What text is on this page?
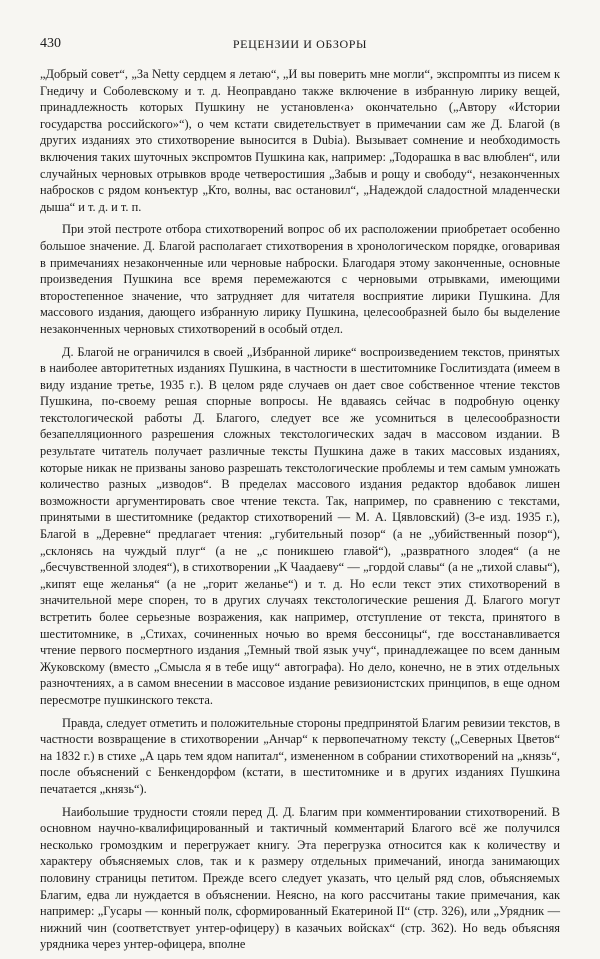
430	РЕЦЕНЗИИ И ОБЗОРЫ

„Добрый совет“, „За Netty сердцем я летаю“, „И вы поверить мне могли“, экспромпты из писем к Гнедичу и Соболевскому и т. д. Неоправдано также включение в избранную лирику вещей, принадлежность которых Пушкину не установлен‹а› окончательно („Автору «Истории государства российского»“), о чем кстати свидетельствует в примечании сам же Д. Благой (в других изданиях это стихотворение выносится в Dubia). Вызывает сомнение и необходимость включения таких шуточных экспромтов Пушкина как, например: „Тодорашка в вас влюблен“, или случайных черновых отрывков вроде четверостишия „Забыв и рощу и свободу“, незаконченных набросков с рядом конъектур „Кто, волны, вас остановил“, „Надеждой сладостной младенчески дыша“ и т. д. и т. п.

При этой пестроте отбора стихотворений вопрос об их расположении приобретает особенно большое значение. Д. Благой располагает стихотворения в хронологическом порядке, оговаривая в примечаниях незаконченные или черновые наброски. Благодаря этому законченные, основные произведения Пушкина все время перемежаются с черновыми отрывками, имеющими второстепенное значение, что затрудняет для читателя восприятие лирики Пушкина. Для массового издания, дающего избранную лирику Пушкина, целесообразней было бы выделение незаконченных черновых стихотворений в особый отдел.

Д. Благой не ограничился в своей „Избранной лирике“ воспроизведением текстов, принятых в наиболее авторитетных изданиях Пушкина, в частности в шеститомнике Гослитиздата (имеем в виду издание третье, 1935 г.). В целом ряде случаев он дает свое собственное чтение текстов Пушкина, по-своему решая спорные вопросы. Не вдаваясь сейчас в подробную оценку текстологической работы Д. Благого, следует все же усомниться в целесообразности безапелляционного разрешения сложных текстологических задач в массовом издании. В результате читатель получает различные тексты Пушкина даже в таких массовых изданиях, которые никак не призваны заново разрешать текстологические проблемы и тем самым умножать количество разных „изводов“. В пределах массового издания редактор вдобавок лишен возможности аргументировать свое чтение текста. Так, например, по сравнению с текстами, принятыми в шеститомнике (редактор стихотворений — М. А. Цявловский) (3-е изд. 1935 г.), Благой в „Деревне“ предлагает чтения: „губительный позор“ (а не „убийственный позор“), „склонясь на чуждый плуг“ (а не „с поникшею главой“), „развратного злодея“ (а не „бесчувственной злодея“), в стихотворении „К Чаадаеву“ — „гордой славы“ (а не „тихой славы“), „кипят еще желанья“ (а не „горит желанье“) и т. д. Но если текст этих стихотворений в значительной мере спорен, то в других случаях текстологические решения Д. Благого могут встретить более серьезные возражения, как например, отступление от текста, принятого в шеститомнике, в „Стихах, сочиненных ночью во время бессоницы“, где восстанавливается чтение первого посмертного издания „Темный твой язык учу“, принадлежащее по всем данным Жуковскому (вместо „Смысла я в тебе ищу“ автографа). Но дело, конечно, не в этих отдельных разночтениях, а в самом внесении в массовое издание ревизионистских принципов, в еще одном пересмотре пушкинского текста.

Правда, следует отметить и положительные стороны предпринятой Благим ревизии текстов, в частности возвращение в стихотворении „Анчар“ к первопечатному тексту („Северных Цветов“ на 1832 г.) в стихе „А царь тем ядом напитал“, измененном в собрании стихотворений на „князь“, после объяснений с Бенкендорфом (кстати, в шеститомнике и в других изданиях Пушкина печатается „князь“).

Наибольшие трудности стояли перед Д. Д. Благим при комментировании стихотворений. В основном научно-квалифицированный и тактичный комментарий Благого всё же получился несколько громоздким и перегружает книгу. Эта перегрузка относится как к количеству и характеру объясняемых слов, так и к размеру отдельных примечаний, иногда занимающих половину страницы петитом. Прежде всего следует указать, что целый ряд слов, объясняемых Благим, едва ли нуждается в объяснении. Неясно, на кого рассчитаны такие примечания, как например: „Гусары — конный полк, сформированный Екатериной II“ (стр. 326), или „Урядник — нижний чин (соответствует унтер-офицеру) в казачьих войсках“ (стр. 362). Но ведь объясняя урядника через унтер-офицера, вполне
